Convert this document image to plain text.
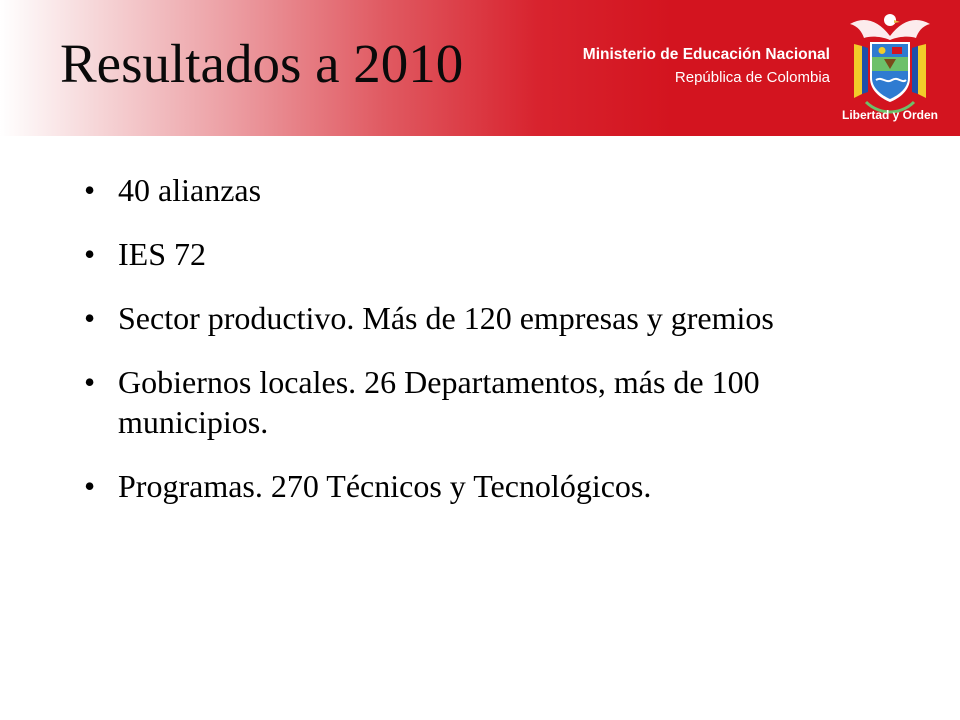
Resultados a 2010	Ministerio de Educación Nacional
República de Colombia
Libertad y Orden
• 40 alianzas
• IES 72
• Sector productivo. Más de 120 empresas y gremios
• Gobiernos locales. 26 Departamentos, más de 100 municipios.
• Programas. 270 Técnicos y Tecnológicos.
